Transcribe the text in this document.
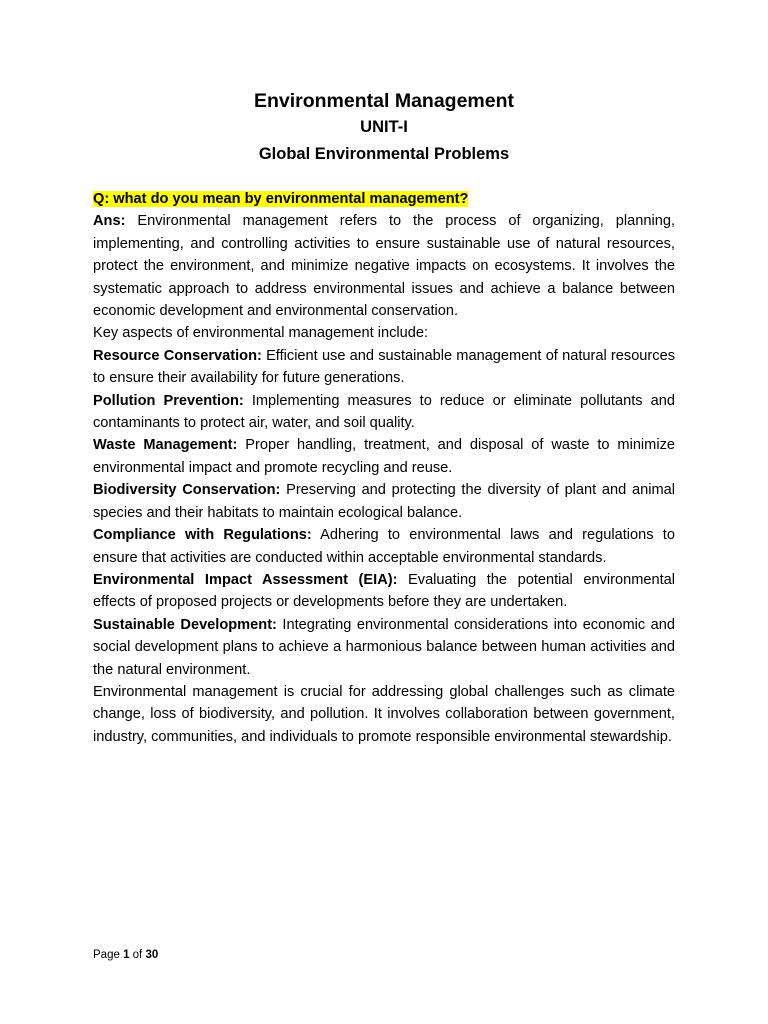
Environmental Management
UNIT-I
Global Environmental Problems

Q: what do you mean by environmental management?

Ans: Environmental management refers to the process of organizing, planning, implementing, and controlling activities to ensure sustainable use of natural resources, protect the environment, and minimize negative impacts on ecosystems. It involves the systematic approach to address environmental issues and achieve a balance between economic development and environmental conservation.

Key aspects of environmental management include:

Resource Conservation: Efficient use and sustainable management of natural resources to ensure their availability for future generations.

Pollution Prevention: Implementing measures to reduce or eliminate pollutants and contaminants to protect air, water, and soil quality.

Waste Management: Proper handling, treatment, and disposal of waste to minimize environmental impact and promote recycling and reuse.

Biodiversity Conservation: Preserving and protecting the diversity of plant and animal species and their habitats to maintain ecological balance.

Compliance with Regulations: Adhering to environmental laws and regulations to ensure that activities are conducted within acceptable environmental standards.

Environmental Impact Assessment (EIA): Evaluating the potential environmental effects of proposed projects or developments before they are undertaken.

Sustainable Development: Integrating environmental considerations into economic and social development plans to achieve a harmonious balance between human activities and the natural environment.

Environmental management is crucial for addressing global challenges such as climate change, loss of biodiversity, and pollution. It involves collaboration between government, industry, communities, and individuals to promote responsible environmental stewardship.

Page 1 of 30
